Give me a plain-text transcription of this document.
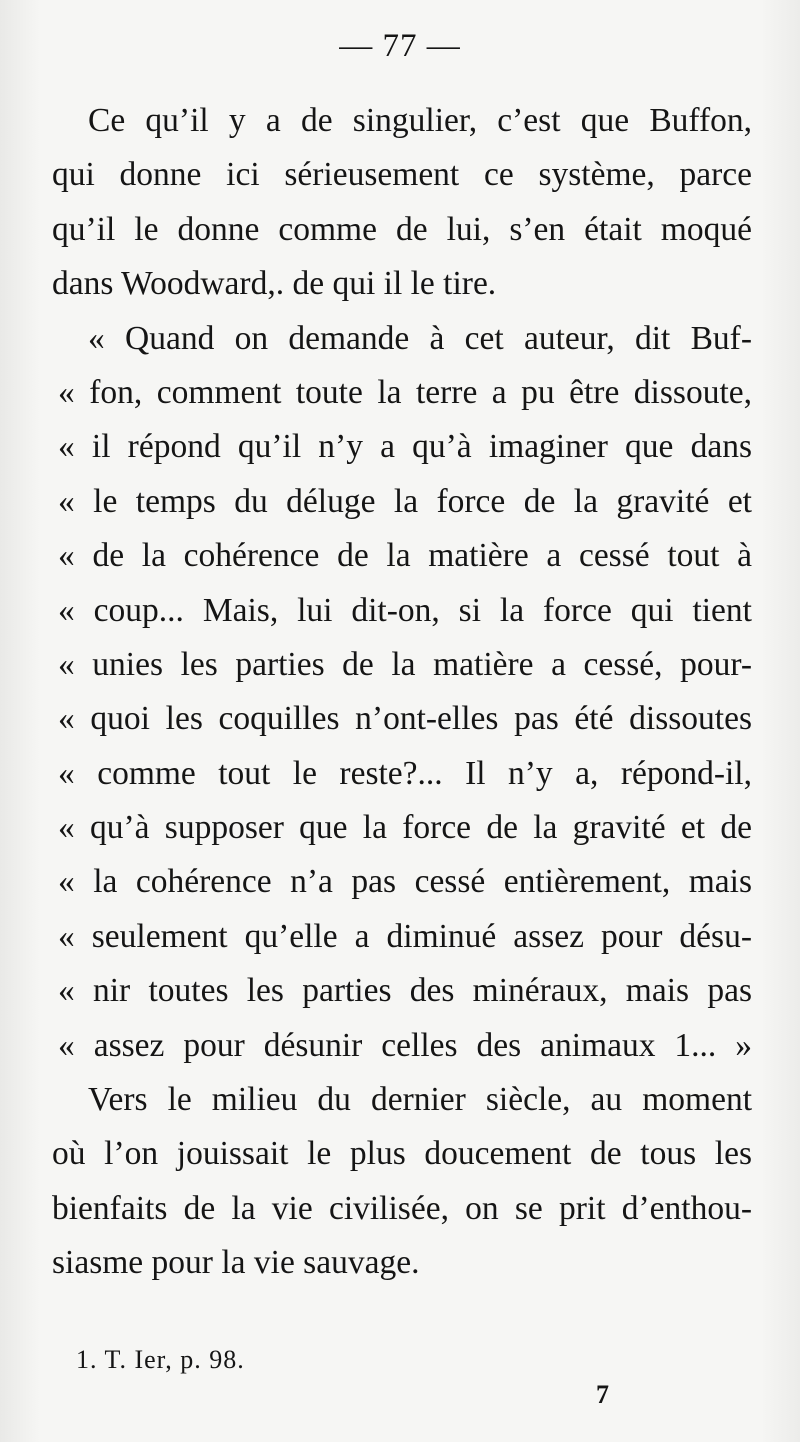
— 77 —
Ce qu’il y a de singulier, c’est que Buffon,
qui donne ici sérieusement ce système, parce
qu’il le donne comme de lui, s’en était moqué
dans Woodward,. de qui il le tire.
« Quand on demande à cet auteur, dit Buf-
« fon, comment toute la terre a pu être dissoute,
« il répond qu’il n’y a qu’à imaginer que dans
« le temps du déluge la force de la gravité et
« de la cohérence de la matière a cessé tout à
« coup... Mais, lui dit-on, si la force qui tient
« unies les parties de la matière a cessé, pour-
« quoi les coquilles n’ont-elles pas été dissoutes
« comme tout le reste?... Il n’y a, répond-il,
« qu’à supposer que la force de la gravité et de
« la cohérence n’a pas cessé entièrement, mais
« seulement qu’elle a diminué assez pour désu-
« nir toutes les parties des minéraux, mais pas
« assez pour désunir celles des animaux 1... »
Vers le milieu du dernier siècle, au moment
où l’on jouissait le plus doucement de tous les
bienfaits de la vie civilisée, on se prit d’enthou-
siasme pour la vie sauvage.
1. T. Ier, p. 98.
7
